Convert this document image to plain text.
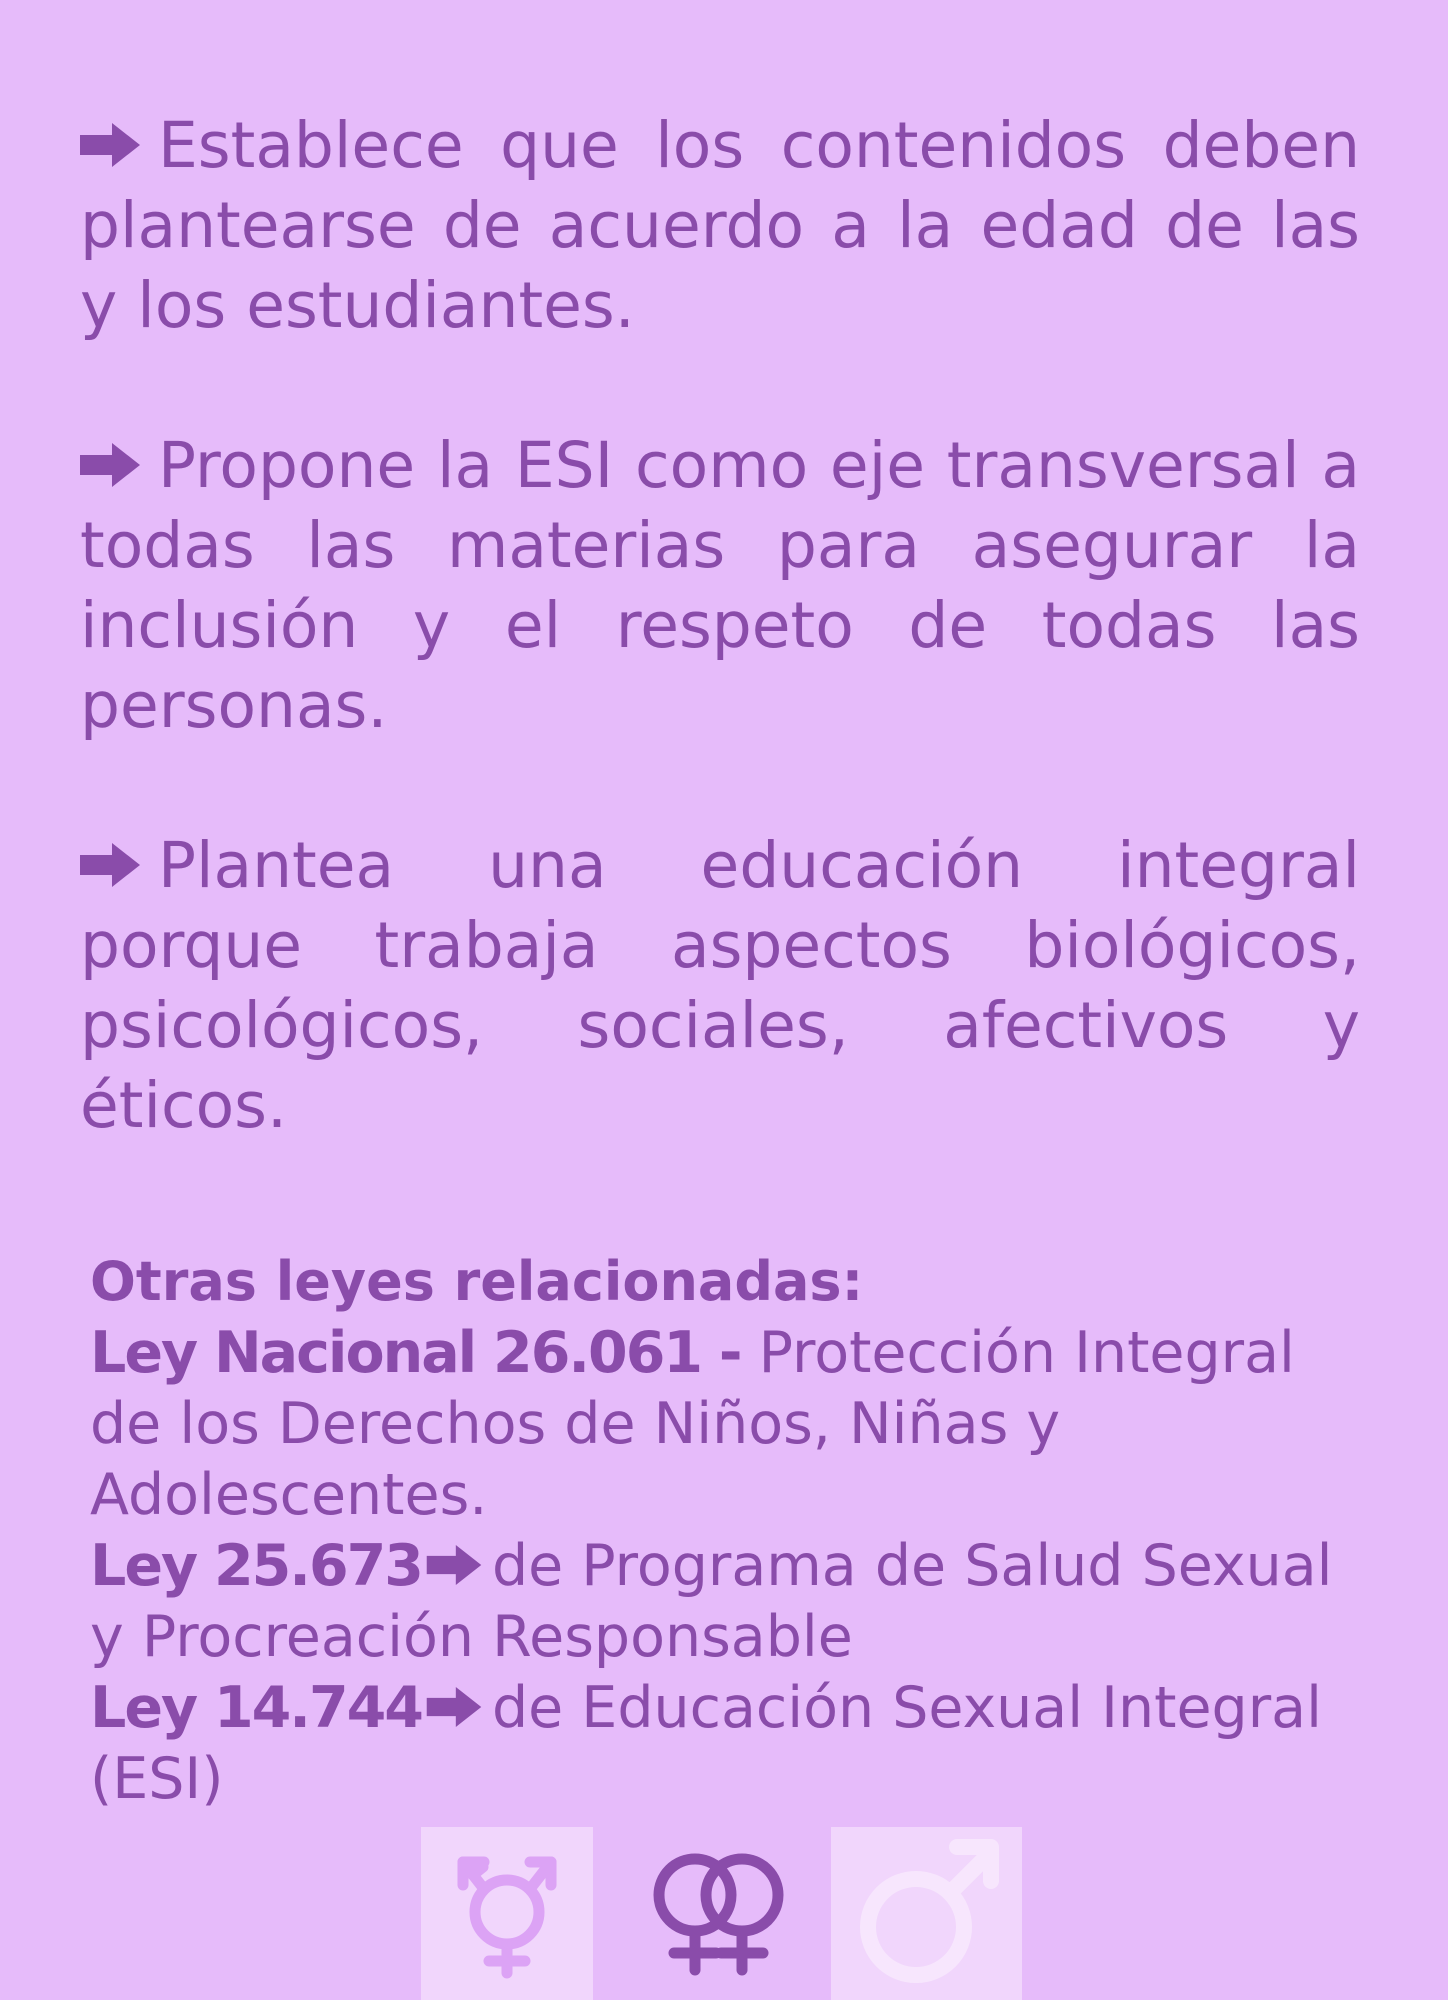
Establece que los contenidos deben plantearse de acuerdo a la edad de las y los estudiantes.

Propone la ESI como eje transversal a todas las materias para asegurar la inclusión y el respeto de todas las personas.

Plantea una educación integral porque trabaja aspectos biológicos, psicológicos, sociales, afectivos y éticos.

Otras leyes relacionadas:
Ley Nacional 26.061 - Protección Integral de los Derechos de Niños, Niñas y Adolescentes.
Ley 25.673 de Programa de Salud Sexual y Procreación Responsable
Ley 14.744 de Educación Sexual Integral (ESI)
